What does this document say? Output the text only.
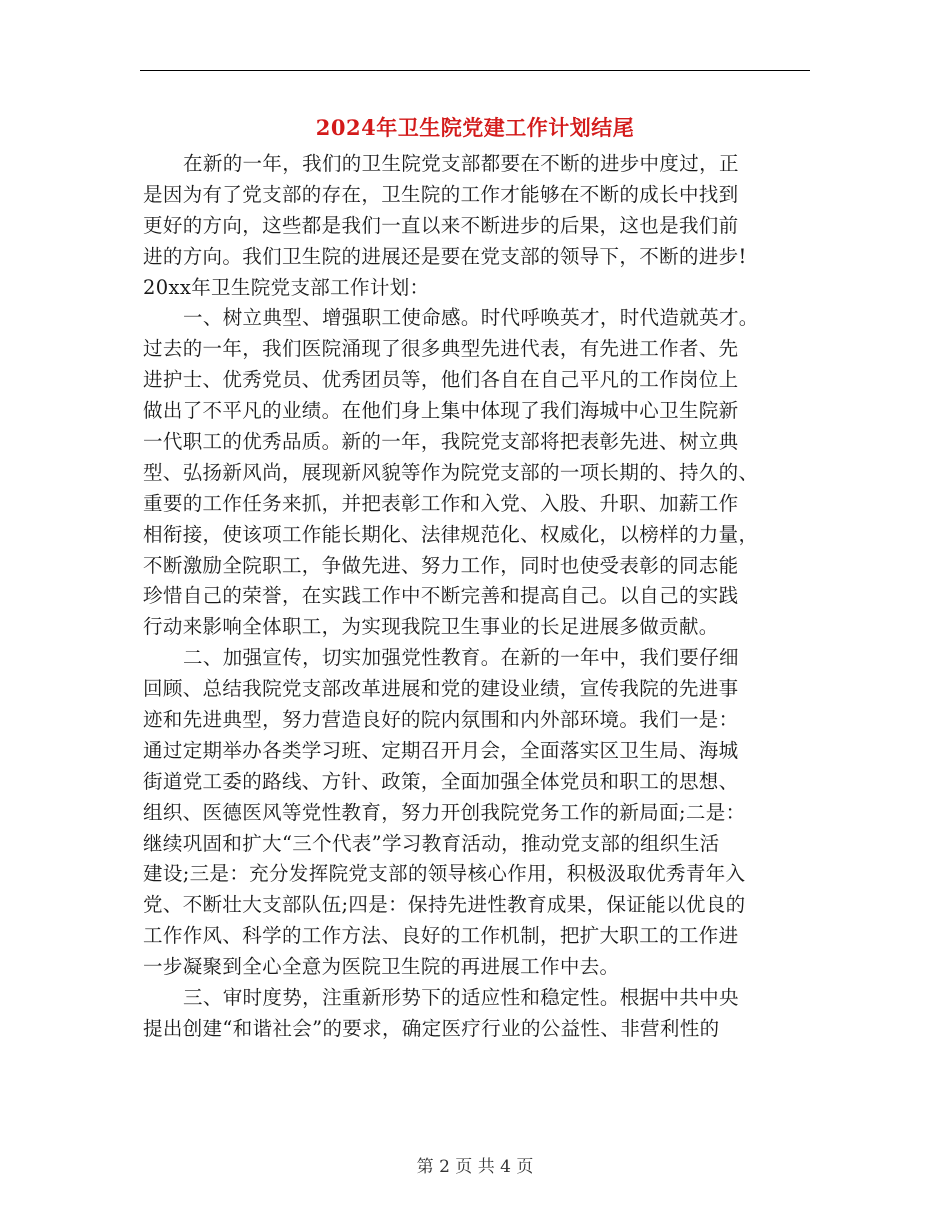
2024年卫生院党建工作计划结尾
在新的一年，我们的卫生院党支部都要在不断的进步中度过，正
是因为有了党支部的存在，卫生院的工作才能够在不断的成长中找到
更好的方向，这些都是我们一直以来不断进步的后果，这也是我们前
进的方向。我们卫生院的进展还是要在党支部的领导下，不断的进步!
20xx年卫生院党支部工作计划：
一、树立典型、增强职工使命感。时代呼唤英才，时代造就英才。
过去的一年，我们医院涌现了很多典型先进代表，有先进工作者、先
进护士、优秀党员、优秀团员等，他们各自在自己平凡的工作岗位上
做出了不平凡的业绩。在他们身上集中体现了我们海城中心卫生院新
一代职工的优秀品质。新的一年，我院党支部将把表彰先进、树立典
型、弘扬新风尚，展现新风貌等作为院党支部的一项长期的、持久的、
重要的工作任务来抓，并把表彰工作和入党、入股、升职、加薪工作
相衔接，使该项工作能长期化、法律规范化、权威化，以榜样的力量，
不断激励全院职工，争做先进、努力工作，同时也使受表彰的同志能
珍惜自己的荣誉，在实践工作中不断完善和提高自己。以自己的实践
行动来影响全体职工，为实现我院卫生事业的长足进展多做贡献。
二、加强宣传，切实加强党性教育。在新的一年中，我们要仔细
回顾、总结我院党支部改革进展和党的建设业绩，宣传我院的先进事
迹和先进典型，努力营造良好的院内氛围和内外部环境。我们一是：
通过定期举办各类学习班、定期召开月会，全面落实区卫生局、海城
街道党工委的路线、方针、政策，全面加强全体党员和职工的思想、
组织、医德医风等党性教育，努力开创我院党务工作的新局面;二是：
继续巩固和扩大“三个代表”学习教育活动，推动党支部的组织生活
建设;三是：充分发挥院党支部的领导核心作用，积极汲取优秀青年入
党、不断壮大支部队伍;四是：保持先进性教育成果，保证能以优良的
工作作风、科学的工作方法、良好的工作机制，把扩大职工的工作进
一步凝聚到全心全意为医院卫生院的再进展工作中去。
三、审时度势，注重新形势下的适应性和稳定性。根据中共中央
提出创建“和谐社会”的要求，确定医疗行业的公益性、非营利性的
第 2 页 共 4 页
